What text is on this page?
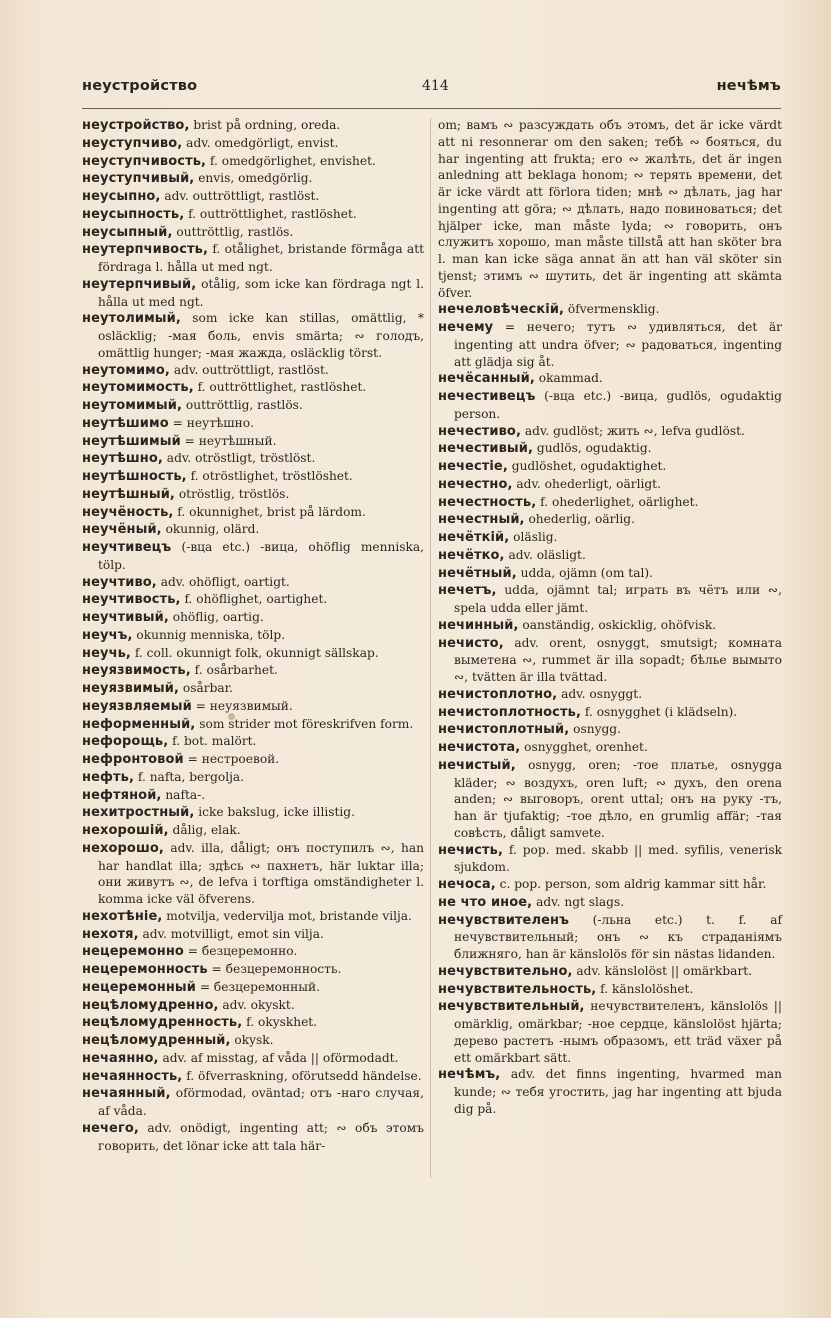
неустройство	414	нечѣмъ

неустройство, brist på ordning, oreda.

неуступчиво, adv. omedgörligt, envist.

неуступчивость, f. omedgörlighet, envishet.

неуступчивый, envis, omedgörlig.

неусыпно, adv. outtröttligt, rastlöst.

неусыпность, f. outtröttlighet, rastlöshet.

неусыпный, outtröttlig, rastlös.

неутерпчивость, f. otålighet, bristande förmåga att fördraga l. hålla ut med ngt.

неутерпчивый, otålig, som icke kan fördraga ngt l. hålla ut med ngt.

неутолимый, som icke kan stillas, omättlig, * osläcklig; -мая боль, envis smärta; ∾ голодъ, omättlig hunger; -мая жажда, osläcklig törst.

неутомимо, adv. outtröttligt, rastlöst.

неутомимость, f. outtröttlighet, rastlöshet.

неутомимый, outtröttlig, rastlös.

неутѣшимо = неутѣшно.

неутѣшимый = неутѣшный.

неутѣшно, adv. otröstligt, tröstlöst.

неутѣшность, f. otröstlighet, tröstlöshet.

неутѣшный, otröstlig, tröstlös.

неучёность, f. okunnighet, brist på lärdom.

неучёный, okunnig, olärd.

неучтивецъ (-вца etc.) -вица, ohöflig menniska, tölp.

неучтиво, adv. ohöfligt, oartigt.

неучтивость, f. ohöflighet, oartighet.

неучтивый, ohöflig, oartig.

неучъ, okunnig menniska, tölp.

неучь, f. coll. okunnigt folk, okunnigt sällskap.

неуязвимость, f. osårbarhet.

неуязвимый, osårbar.

неуязвляемый = неуязвимый.

неформенный, som strider mot föreskrifven form.

нефорощь, f. bot. malört.

нефронтовой = нестроевой.

нефть, f. nafta, bergolja.

нефтяной, nafta-.

нехитростный, icke bakslug, icke illistig.

нехорошій, dålig, elak.

нехорошо, adv. illa, dåligt; онъ поступилъ ∾, han har handlat illa; здѣсь ∾ пахнетъ, här luktar illa; они живутъ ∾, de lefva i torftiga omständigheter l. komma icke väl öfverens.

нехотѣніе, motvilja, vedervilja mot, bristande vilja.

нехотя, adv. motvilligt, emot sin vilja.

нецеремонно = безцеремонно.

нецеремонность = безцеремонность.

нецеремонный = безцеремонный.

нецѣломудренно, adv. okyskt.

нецѣломудренность, f. okyskhet.

нецѣломудренный, okysk.

нечаянно, adv. af misstag, af våda || oförmodadt.

нечаянность, f. öfverraskning, oförutsedd händelse.

нечаянный, oförmodad, oväntad; отъ -наго случая, af våda.

нечего, adv. onödigt, ingenting att; ∾ объ этомъ говорить, det lönar icke att tala här-

om; вамъ ∾ разсуждать объ этомъ, det är icke värdt att ni resonnerar om den saken; тебѣ ∾ бояться, du har ingenting att frukta; его ∾ жалѣть, det är ingen anledning att beklaga honom; ∾ терять времени, det är icke värdt att förlora tiden; мнѣ ∾ дѣлать, jag har ingenting att göra; ∾ дѣлать, надо повиноваться; det hjälper icke, man måste lyda; ∾ говорить, онъ служитъ хорошо, man måste tillstå att han sköter bra l. man kan icke säga annat än att han väl sköter sin tjenst; этимъ ∾ шутить, det är ingenting att skämta öfver.

нечеловѣческій, öfvermensklig.

нечему = нечего; тутъ ∾ удивляться, det är ingenting att undra öfver; ∾ радоваться, ingenting att glädja sig åt.

нечёсанный, okammad.

нечестивецъ (-вца etc.) -вица, gudlös, ogudaktig person.

нечестиво, adv. gudlöst; жить ∾, lefva gudlöst.

нечестивый, gudlös, ogudaktig.

нечестіе, gudlöshet, ogudaktighet.

нечестно, adv. ohederligt, oärligt.

нечестность, f. ohederlighet, oärlighet.

нечестный, ohederlig, oärlig.

нечёткій, oläslig.

нечётко, adv. oläsligt.

нечётный, udda, ojämn (om tal).

нечетъ, udda, ojämnt tal; играть въ чётъ или ∾, spela udda eller jämt.

нечинный, oanständig, oskicklig, ohöfvisk.

нечисто, adv. orent, osnyggt, smutsigt; комната выметена ∾, rummet är illa sopadt; бѣлье вымыто ∾, tvätten är illa tvättad.

нечистоплотно, adv. osnyggt.

нечистоплотность, f. osnygghet (i klädseln).

нечистоплотный, osnygg.

нечистота, osnygghet, orenhet.

нечистый, osnygg, oren; -тое платье, osnygga kläder; ∾ воздухъ, oren luft; ∾ духъ, den orena anden; ∾ выговоръ, orent uttal; онъ на руку -тъ, han är tjufaktig; -тое дѣло, en grumlig affär; -тая совѣсть, dåligt samvete.

нечисть, f. pop. med. skabb || med. syfilis, venerisk sjukdom.

нечоса, c. pop. person, som aldrig kammar sitt hår.

не что иное, adv. ngt slags.

нечувствителенъ (-льна etc.) t. f. af нечувствительный; онъ ∾ къ страданіямъ ближняго, han är känslolös för sin nästas lidanden.

нечувствительно, adv. känslolöst || omärkbart.

нечувствительность, f. känslolöshet.

нечувствительный, нечувствителенъ, känslolös || omärklig, omärkbar; -ное сердце, känslolöst hjärta; дерево растетъ -нымъ образомъ, ett träd växer på ett omärkbart sätt.

нечѣмъ, adv. det finns ingenting, hvarmed man kunde; ∾ тебя угостить, jag har ingenting att bjuda dig på.
